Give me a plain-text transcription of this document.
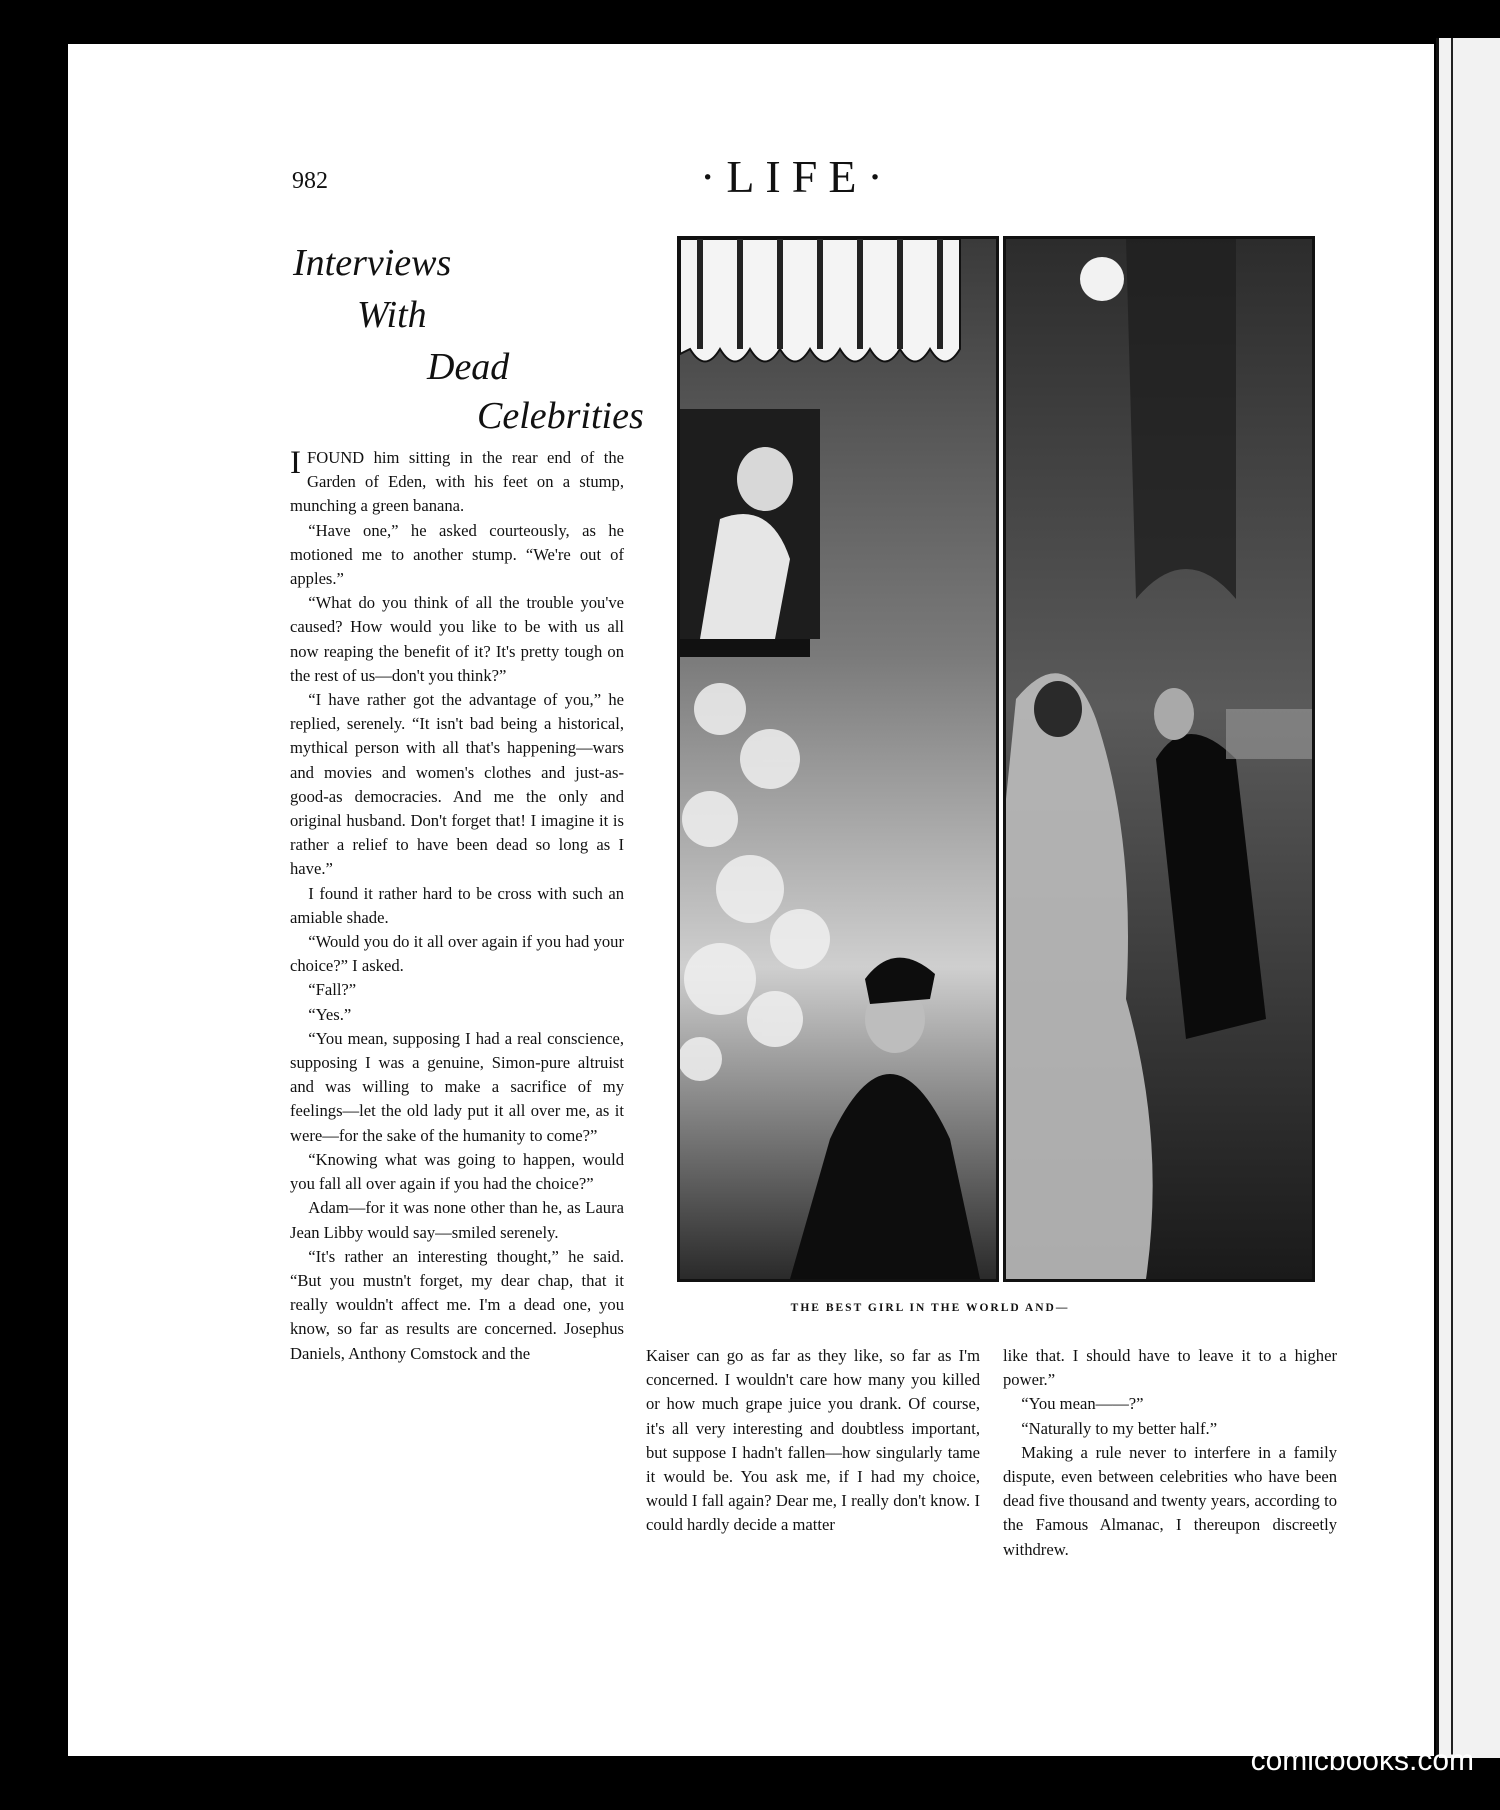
982	·LIFE·
Interviews
With
Dead
Celebrities

IFOUND him sitting in the rear end of the Garden of Eden, with his feet on a stump, munching a green banana.

“Have one,” he asked courteously, as he motioned me to another stump. “We're out of apples.”

“What do you think of all the trouble you've caused? How would you like to be with us all now reaping the benefit of it? It's pretty tough on the rest of us—don't you think?”

“I have rather got the advantage of you,” he replied, serenely. “It isn't bad being a historical, mythical person with all that's happening—wars and movies and women's clothes and just-as-good-as democracies. And me the only and original husband. Don't forget that! I imagine it is rather a relief to have been dead so long as I have.”

I found it rather hard to be cross with such an amiable shade.

“Would you do it all over again if you had your choice?” I asked.

“Fall?”

“Yes.”

“You mean, supposing I had a real conscience, supposing I was a genuine, Simon-pure altruist and was willing to make a sacrifice of my feelings—let the old lady put it all over me, as it were—for the sake of the humanity to come?”

“Knowing what was going to happen, would you fall all over again if you had the choice?”

Adam—for it was none other than he, as Laura Jean Libby would say—smiled serenely.

“It's rather an interesting thought,” he said. “But you mustn't forget, my dear chap, that it really wouldn't affect me. I'm a dead one, you know, so far as results are concerned. Josephus Daniels, Anthony Comstock and the

THE BEST GIRL IN THE WORLD AND—

Kaiser can go as far as they like, so far as I'm concerned. I wouldn't care how many you killed or how much grape juice you drank. Of course, it's all very interesting and doubtless important, but suppose I hadn't fallen—how singularly tame it would be. You ask me, if I had my choice, would I fall again? Dear me, I really don't know. I could hardly decide a matter

like that. I should have to leave it to a higher power.”

“You mean——?”

“Naturally to my better half.”

Making a rule never to interfere in a family dispute, even between celebrities who have been dead five thousand and twenty years, according to the Famous Almanac, I thereupon discreetly withdrew.

comicbooks.com
